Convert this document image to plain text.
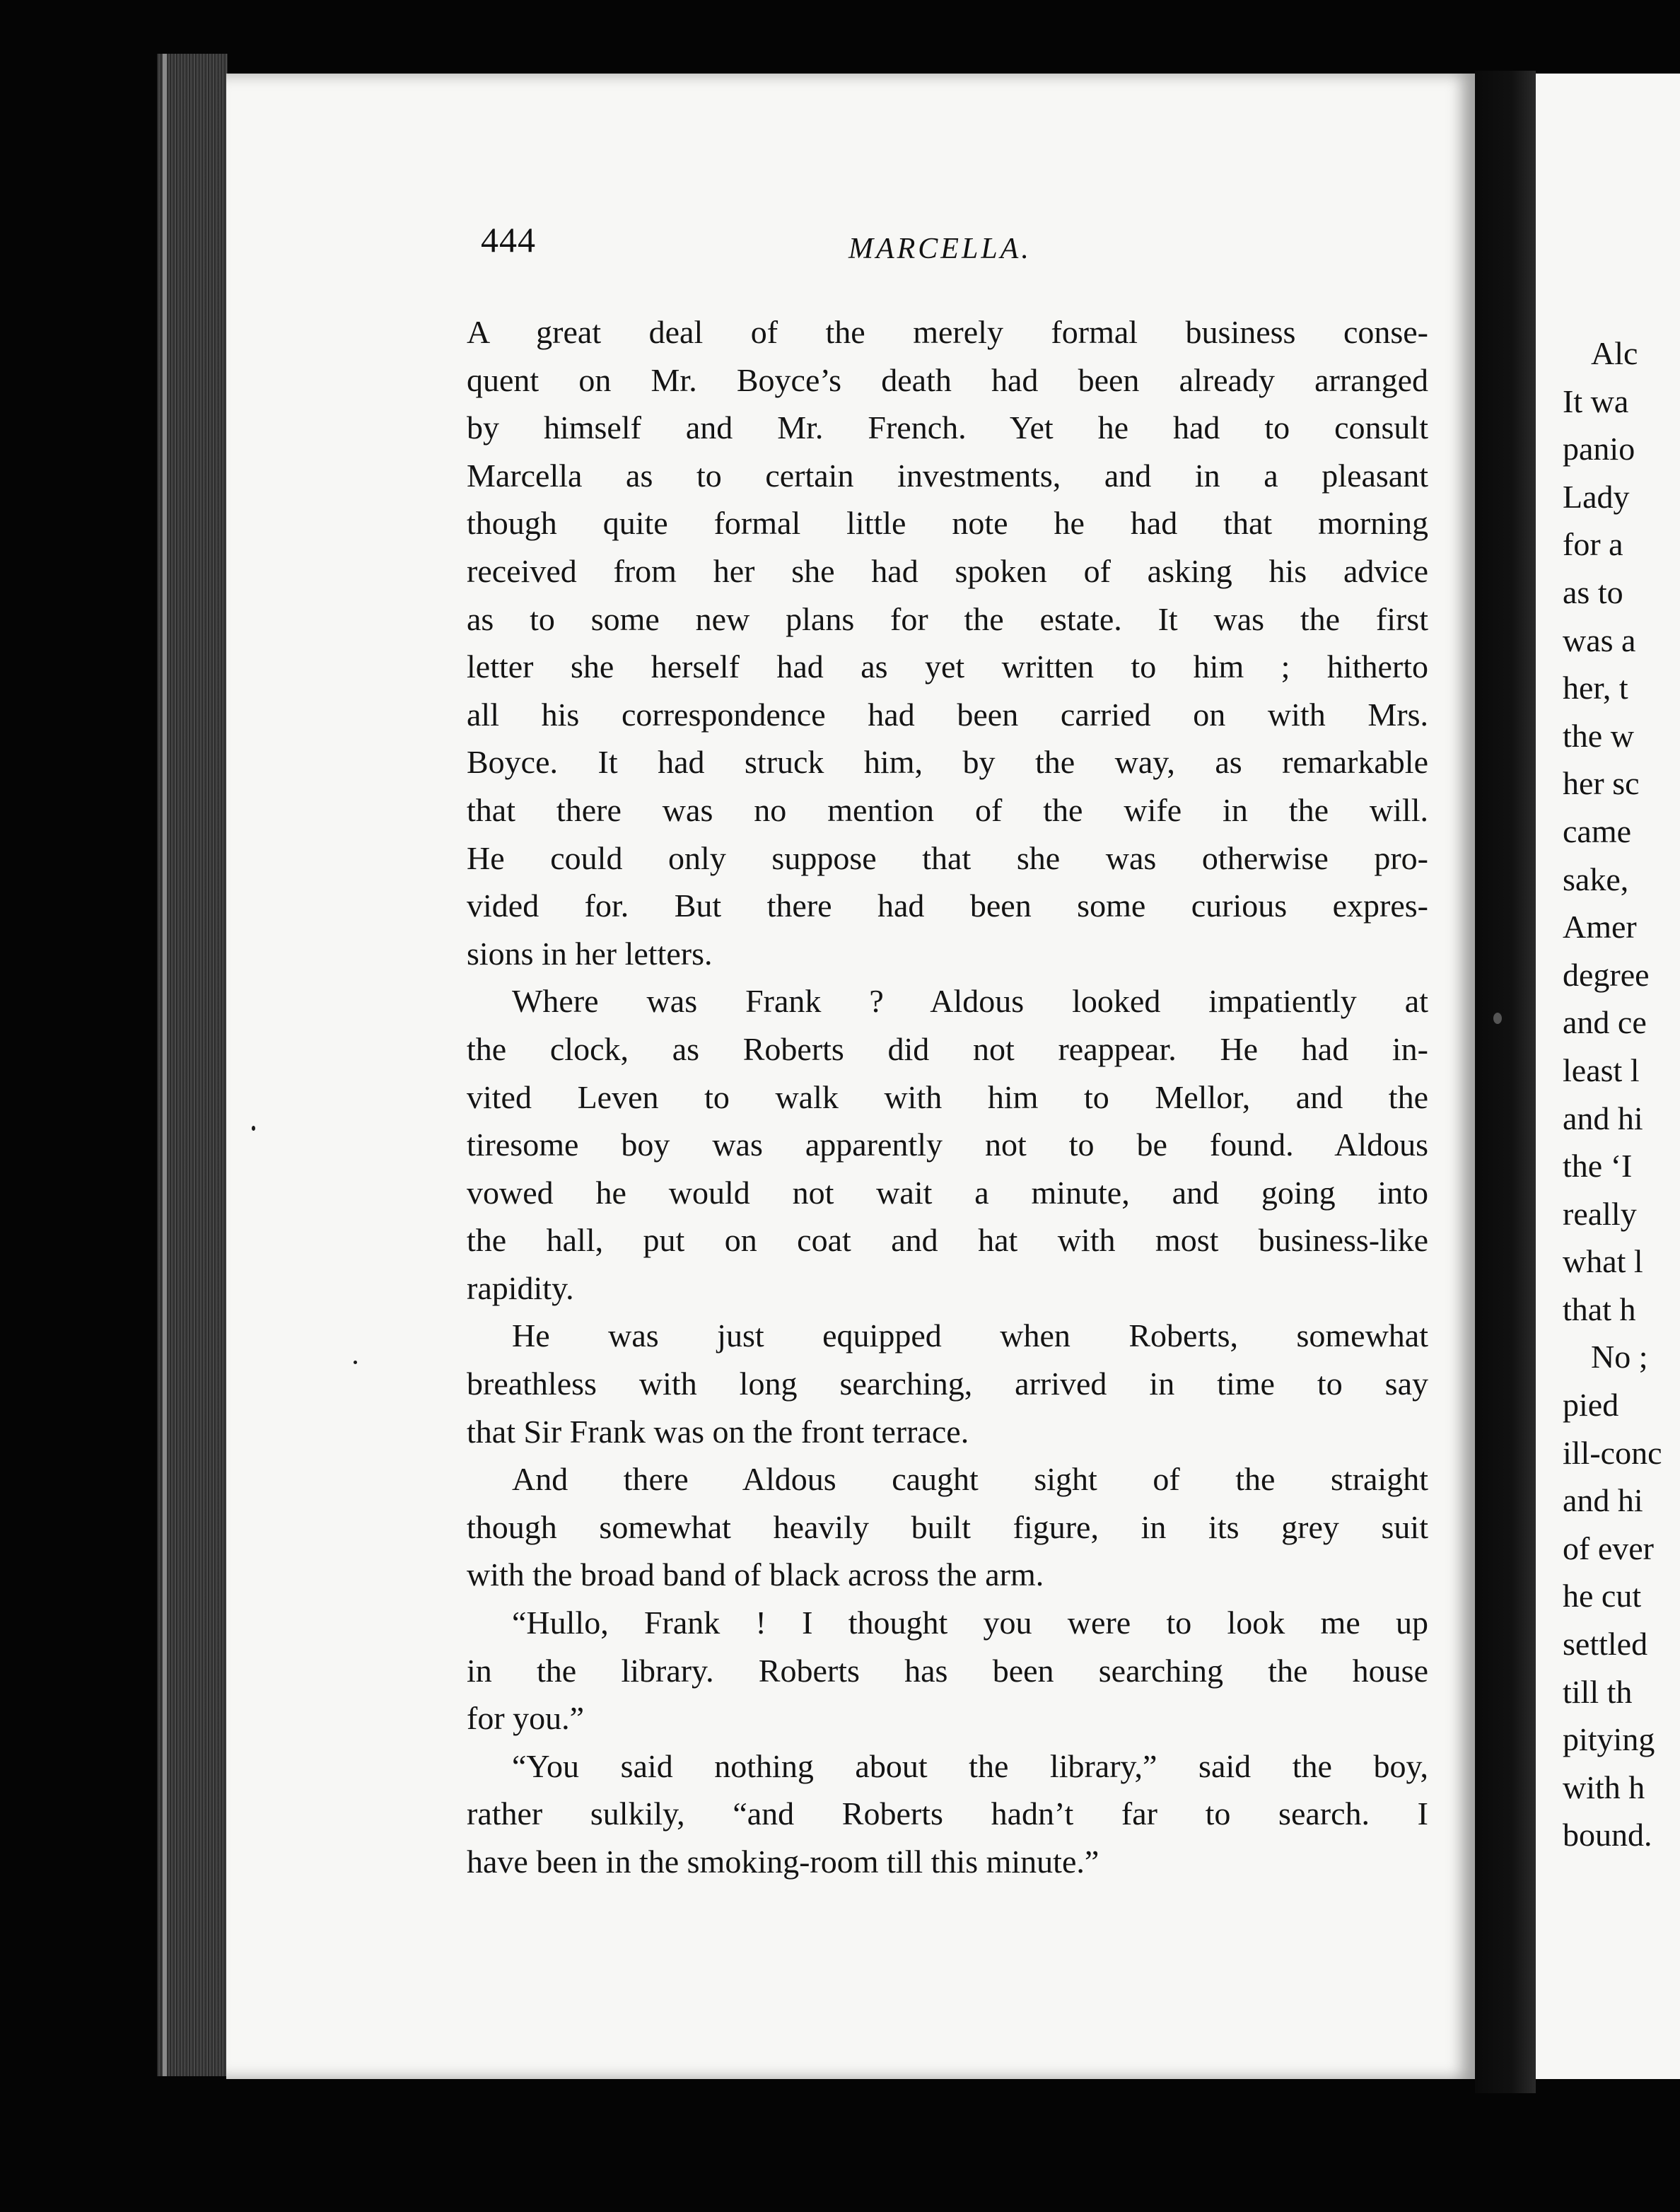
444	MARCELLA.
A great deal of the merely formal business conse-
quent on Mr. Boyce’s death had been already arranged
by himself and Mr. French. Yet he had to consult
Marcella as to certain investments, and in a pleasant
though quite formal little note he had that morning
received from her she had spoken of asking his advice
as to some new plans for the estate. It was the first
letter she herself had as yet written to him ; hitherto
all his correspondence had been carried on with Mrs.
Boyce. It had struck him, by the way, as remarkable
that there was no mention of the wife in the will.
He could only suppose that she was otherwise pro-
vided for. But there had been some curious expres-
sions in her letters.
Where was Frank ? Aldous looked impatiently at
the clock, as Roberts did not reappear. He had in-
vited Leven to walk with him to Mellor, and the
tiresome boy was apparently not to be found. Aldous
vowed he would not wait a minute, and going into
the hall, put on coat and hat with most business-like
rapidity.
He was just equipped when Roberts, somewhat
breathless with long searching, arrived in time to say
that Sir Frank was on the front terrace.
And there Aldous caught sight of the straight
though somewhat heavily built figure, in its grey suit
with the broad band of black across the arm.
“Hullo, Frank ! I thought you were to look me up
in the library. Roberts has been searching the house
for you.”
“You said nothing about the library,” said the boy,
rather sulkily, “and Roberts hadn’t far to search. I
have been in the smoking-room till this minute.”
Alc
It wa
panio
Lady
for a
as to
was a
her, t
the w
her sc
came
sake,
Amer
degree
and ce
least l
and hi
the ‘I
really
what l
that h
No ;
pied
ill-conc
and hi
of ever
he cut
settled
till th
pitying
with h
bound.
